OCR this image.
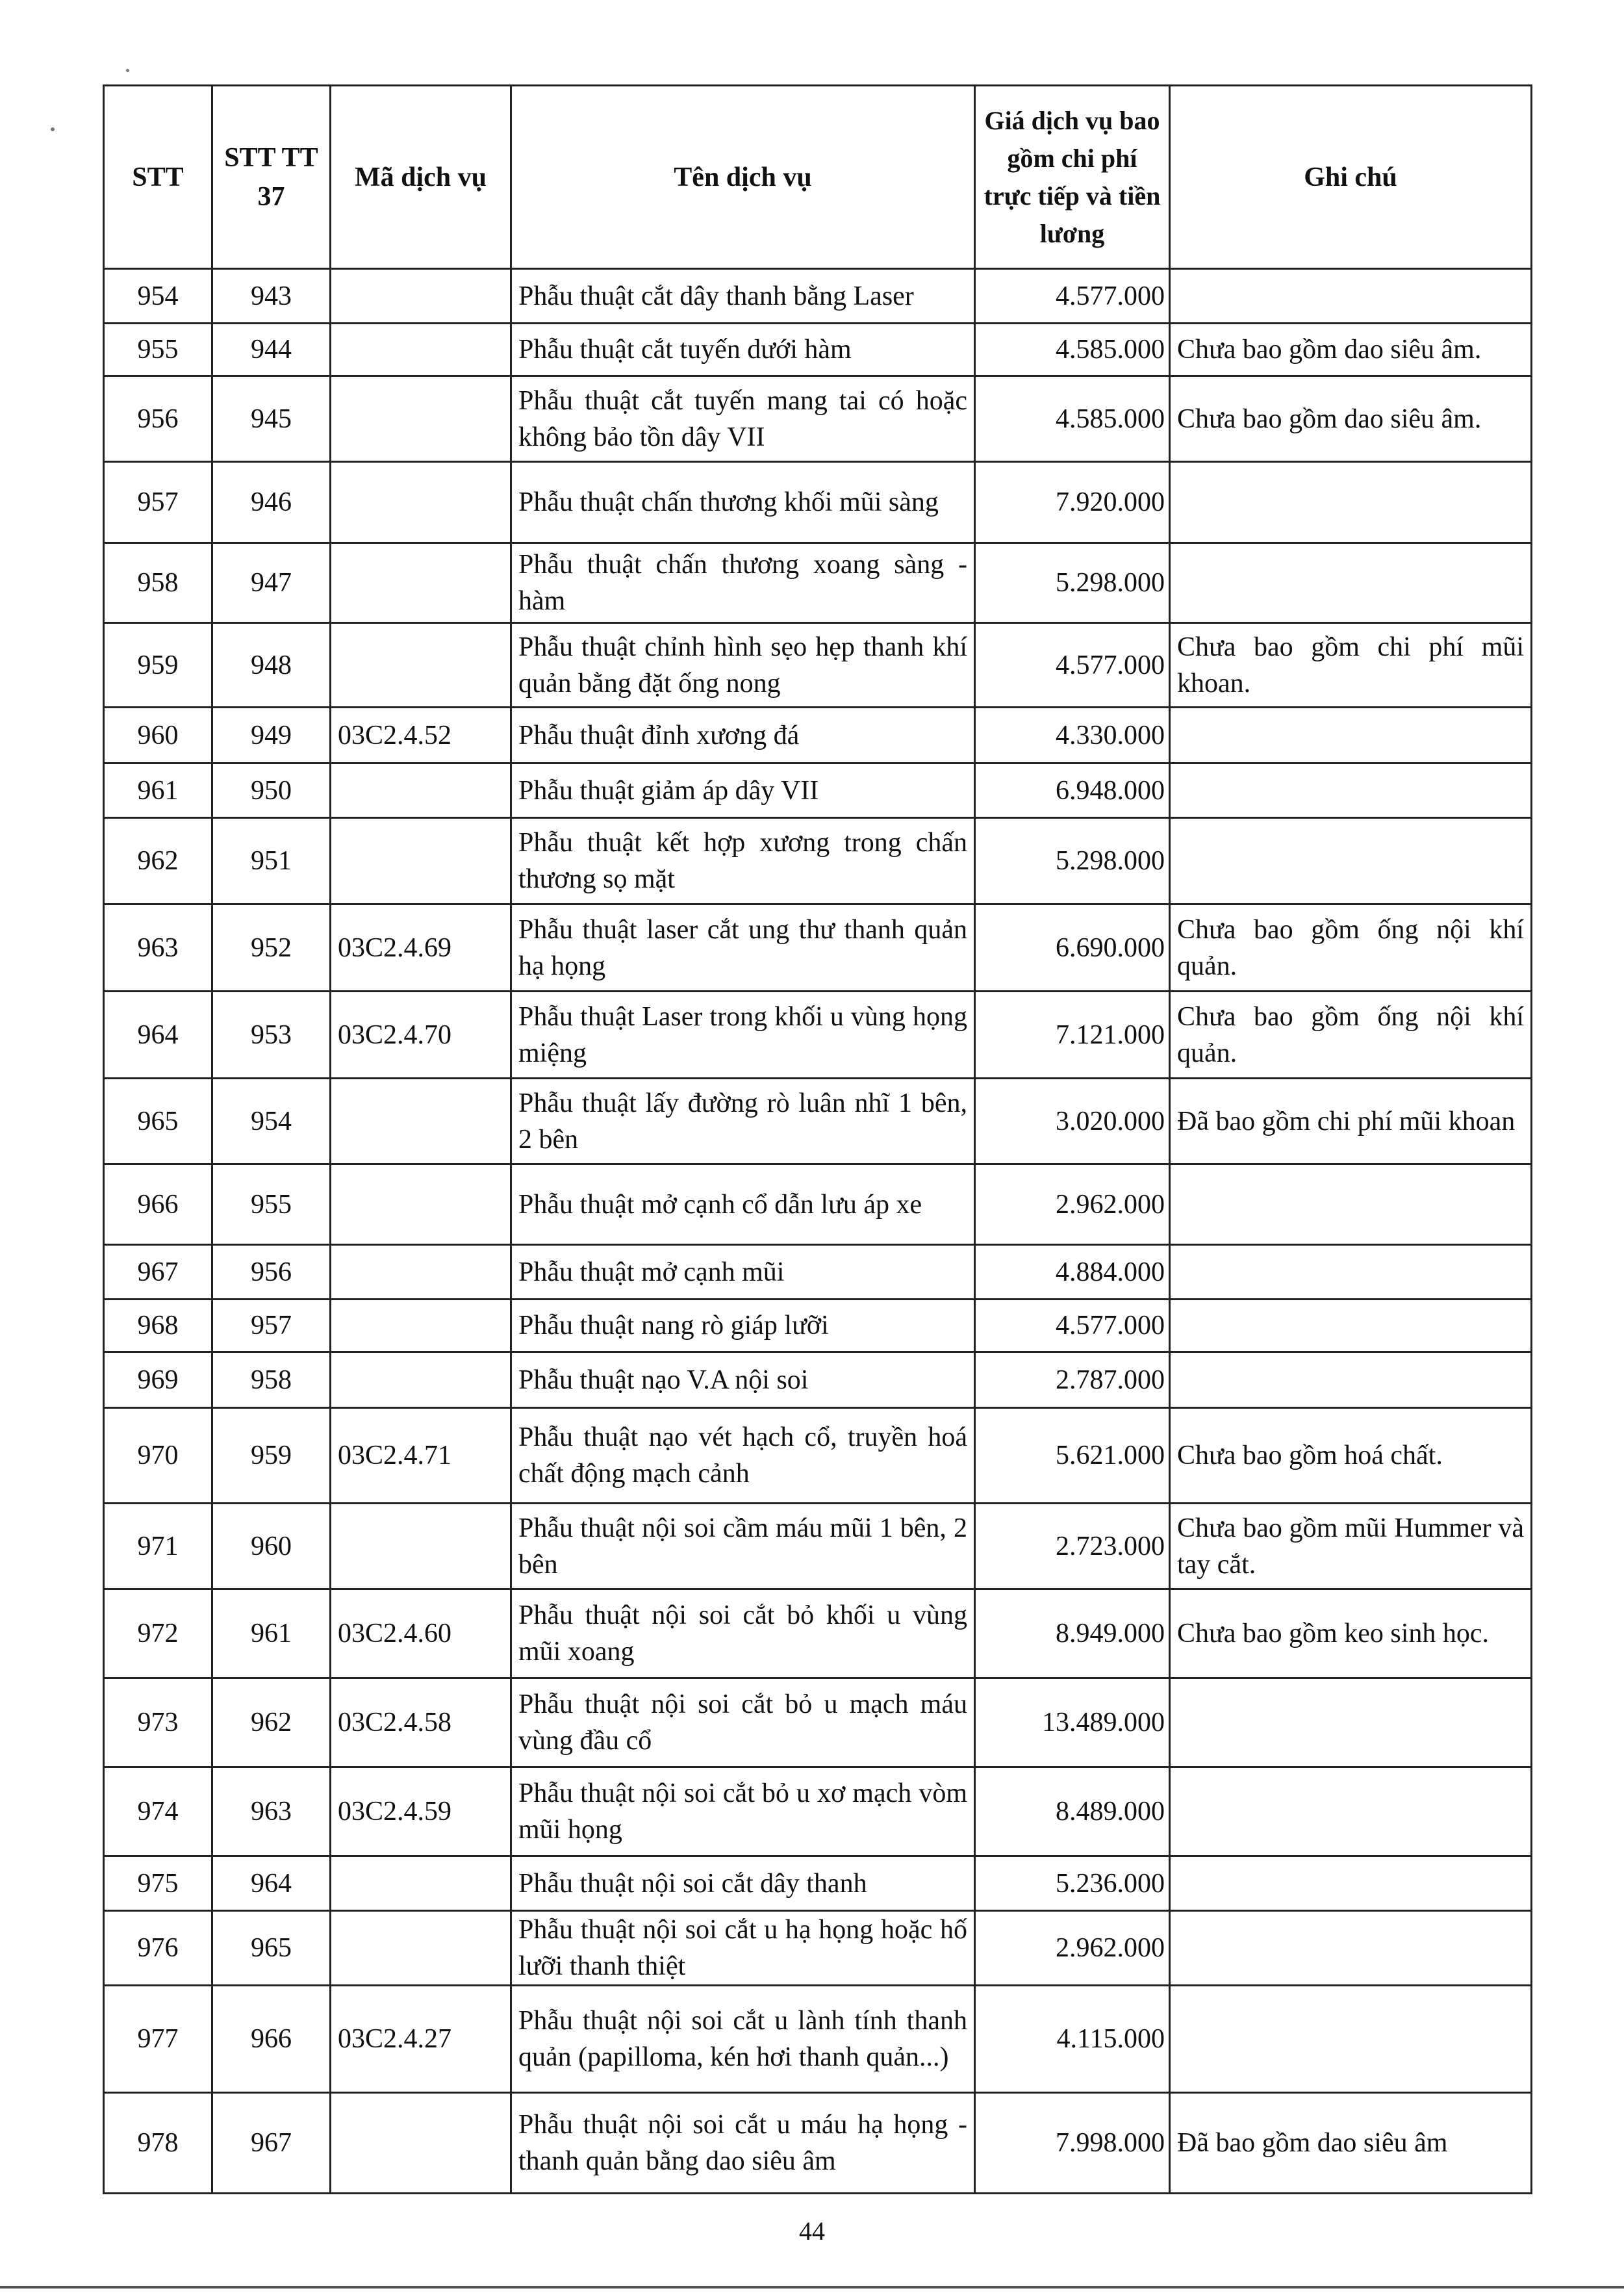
STT	STT TT 37	Mã dịch vụ	Tên dịch vụ	Giá dịch vụ bao gồm chi phí trực tiếp và tiền lương	Ghi chú
954	943		Phẫu thuật cắt dây thanh bằng Laser	4.577.000	
955	944		Phẫu thuật cắt tuyến dưới hàm	4.585.000	Chưa bao gồm dao siêu âm.
956	945		Phẫu thuật cắt tuyến mang tai có hoặc không bảo tồn dây VII	4.585.000	Chưa bao gồm dao siêu âm.
957	946		Phẫu thuật chấn thương khối mũi sàng	7.920.000	
958	947		Phẫu thuật chấn thương xoang sàng - hàm	5.298.000	
959	948		Phẫu thuật chỉnh hình sẹo hẹp thanh khí quản bằng đặt ống nong	4.577.000	Chưa bao gồm chi phí mũi khoan.
960	949	03C2.4.52	Phẫu thuật đỉnh xương đá	4.330.000	
961	950		Phẫu thuật giảm áp dây VII	6.948.000	
962	951		Phẫu thuật kết hợp xương trong chấn thương sọ mặt	5.298.000	
963	952	03C2.4.69	Phẫu thuật laser cắt ung thư thanh quản hạ họng	6.690.000	Chưa bao gồm ống nội khí quản.
964	953	03C2.4.70	Phẫu thuật Laser trong khối u vùng họng miệng	7.121.000	Chưa bao gồm ống nội khí quản.
965	954		Phẫu thuật lấy đường rò luân nhĩ 1 bên, 2 bên	3.020.000	Đã bao gồm chi phí mũi khoan
966	955		Phẫu thuật mở cạnh cổ dẫn lưu áp xe	2.962.000	
967	956		Phẫu thuật mở cạnh mũi	4.884.000	
968	957		Phẫu thuật nang rò giáp lưỡi	4.577.000	
969	958		Phẫu thuật nạo V.A nội soi	2.787.000	
970	959	03C2.4.71	Phẫu thuật nạo vét hạch cổ, truyền hoá chất động mạch cảnh	5.621.000	Chưa bao gồm hoá chất.
971	960		Phẫu thuật nội soi cầm máu mũi 1 bên, 2 bên	2.723.000	Chưa bao gồm mũi Hummer và tay cắt.
972	961	03C2.4.60	Phẫu thuật nội soi cắt bỏ khối u vùng mũi xoang	8.949.000	Chưa bao gồm keo sinh học.
973	962	03C2.4.58	Phẫu thuật nội soi cắt bỏ u mạch máu vùng đầu cổ	13.489.000	
974	963	03C2.4.59	Phẫu thuật nội soi cắt bỏ u xơ mạch vòm mũi họng	8.489.000	
975	964		Phẫu thuật nội soi cắt dây thanh	5.236.000	
976	965		Phẫu thuật nội soi cắt u hạ họng hoặc hố lưỡi thanh thiệt	2.962.000	
977	966	03C2.4.27	Phẫu thuật nội soi cắt u lành tính thanh quản (papilloma, kén hơi thanh quản...)	4.115.000	
978	967		Phẫu thuật nội soi cắt u máu hạ họng - thanh quản bằng dao siêu âm	7.998.000	Đã bao gồm dao siêu âm
44
